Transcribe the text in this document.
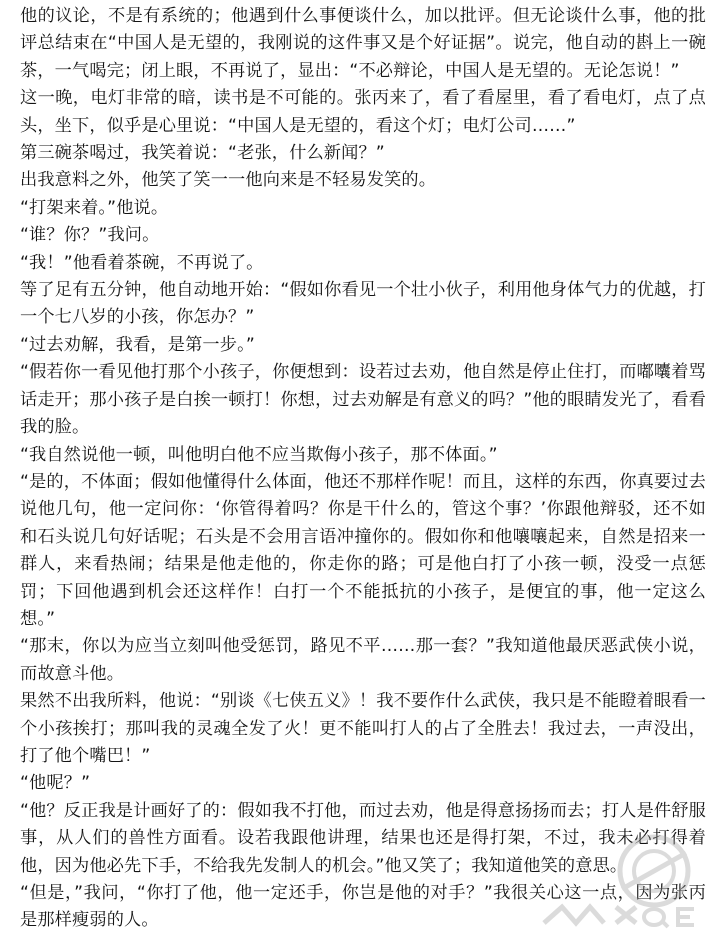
他的议论，不是有系统的；他遇到什么事便谈什么，加以批评。但无论谈什么事，他的批评总结束在“中国人是无望的，我刚说的这件事又是个好证据”。说完，他自动的斟上一碗茶，一气喝完；闭上眼，不再说了，显出：“不必辩论，中国人是无望的。无论怎说！”

这一晚，电灯非常的暗，读书是不可能的。张丙来了，看了看屋里，看了看电灯，点了点头，坐下，似乎是心里说：“中国人是无望的，看这个灯；电灯公司……”

第三碗茶喝过，我笑着说：“老张，什么新闻？”

出我意料之外，他笑了笑一一他向来是不轻易发笑的。

“打架来着。”他说。

“谁？你？”我问。

“我！”他看着茶碗，不再说了。

等了足有五分钟，他自动地开始：“假如你看见一个壮小伙子，利用他身体气力的优越，打一个七八岁的小孩，你怎办？”

“过去劝解，我看，是第一步。”

“假若你一看见他打那个小孩子，你便想到：设若过去劝，他自然是停止住打，而嘟囔着骂话走开；那小孩子是白挨一顿打！你想，过去劝解是有意义的吗？”他的眼睛发光了，看看我的脸。

“我自然说他一顿，叫他明白他不应当欺侮小孩子，那不体面。”

“是的，不体面；假如他懂得什么体面，他还不那样作呢！而且，这样的东西，你真要过去说他几句，他一定问你：‘你管得着吗？你是干什么的，管这个事？’你跟他辩驳，还不如和石头说几句好话呢；石头是不会用言语冲撞你的。假如你和他嚷嚷起来，自然是招来一群人，来看热闹；结果是他走他的，你走你的路；可是他白打了小孩一顿，没受一点惩罚；下回他遇到机会还这样作！白打一个不能抵抗的小孩子，是便宜的事，他一定这么想。”

“那末，你以为应当立刻叫他受惩罚，路见不平……那一套？”我知道他最厌恶武侠小说，而故意斗他。

果然不出我所料，他说：“别谈《七侠五义》！我不要作什么武侠，我只是不能瞪着眼看一个小孩挨打；那叫我的灵魂全发了火！更不能叫打人的占了全胜去！我过去，一声没出，打了他个嘴巴！”

“他呢？”

“他？反正我是计画好了的：假如我不打他，而过去劝，他是得意扬扬而去；打人是件舒服事，从人们的兽性方面看。设若我跟他讲理，结果也还是得打架，不过，我未必打得着他，因为他必先下手，不给我先发制人的机会。”他又笑了；我知道他笑的意思。

“但是，”我问，“你打了他，他一定还手，你岂是他的对手？”我很关心这一点，因为张丙是那样瘦弱的人。
